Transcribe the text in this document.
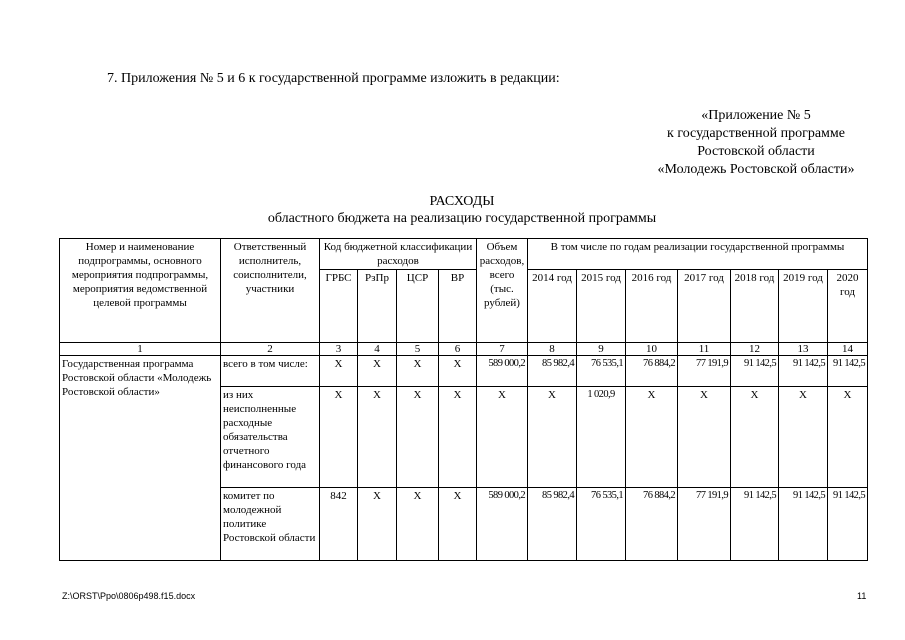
7. Приложения № 5 и 6 к государственной программе изложить в редакции:
«Приложение № 5
к государственной программе
Ростовской области
«Молодежь Ростовской области»
РАСХОДЫ
областного бюджета на реализацию государственной программы
Номер и наименование подпрограммы, основного мероприятия подпрограммы, мероприятия ведомственной целевой программы	Ответственный исполнитель, соисполнители, участники	Код бюджетной классификации расходов				Объем расходов, всего (тыс. рублей)	В том числе по годам реализации государственной программы						
		ГРБС	РзПр	ЦСР	ВР		2014 год	2015 год	2016 год	2017 год	2018 год	2019 год	2020 год
1	2	3	4	5	6	7	8	9	10	11	12	13	14
Государственная программа Ростовской области «Молодежь Ростовской области»	всего в том числе:	X	X	X	X	589 000,2	85 982,4	76 535,1	76 884,2	77 191,9	91 142,5	91 142,5	91 142,5
	из них неисполненные расходные обязательства отчетного финансового года	X	X	X	X	X	X	1 020,9	X	X	X	X	X
	комитет по молодежной политике Ростовской области	842	X	X	X	589 000,2	85 982,4	76 535,1	76 884,2	77 191,9	91 142,5	91 142,5	91 142,5
Z:\ORST\Ppo\0806p498.f15.docx	11
